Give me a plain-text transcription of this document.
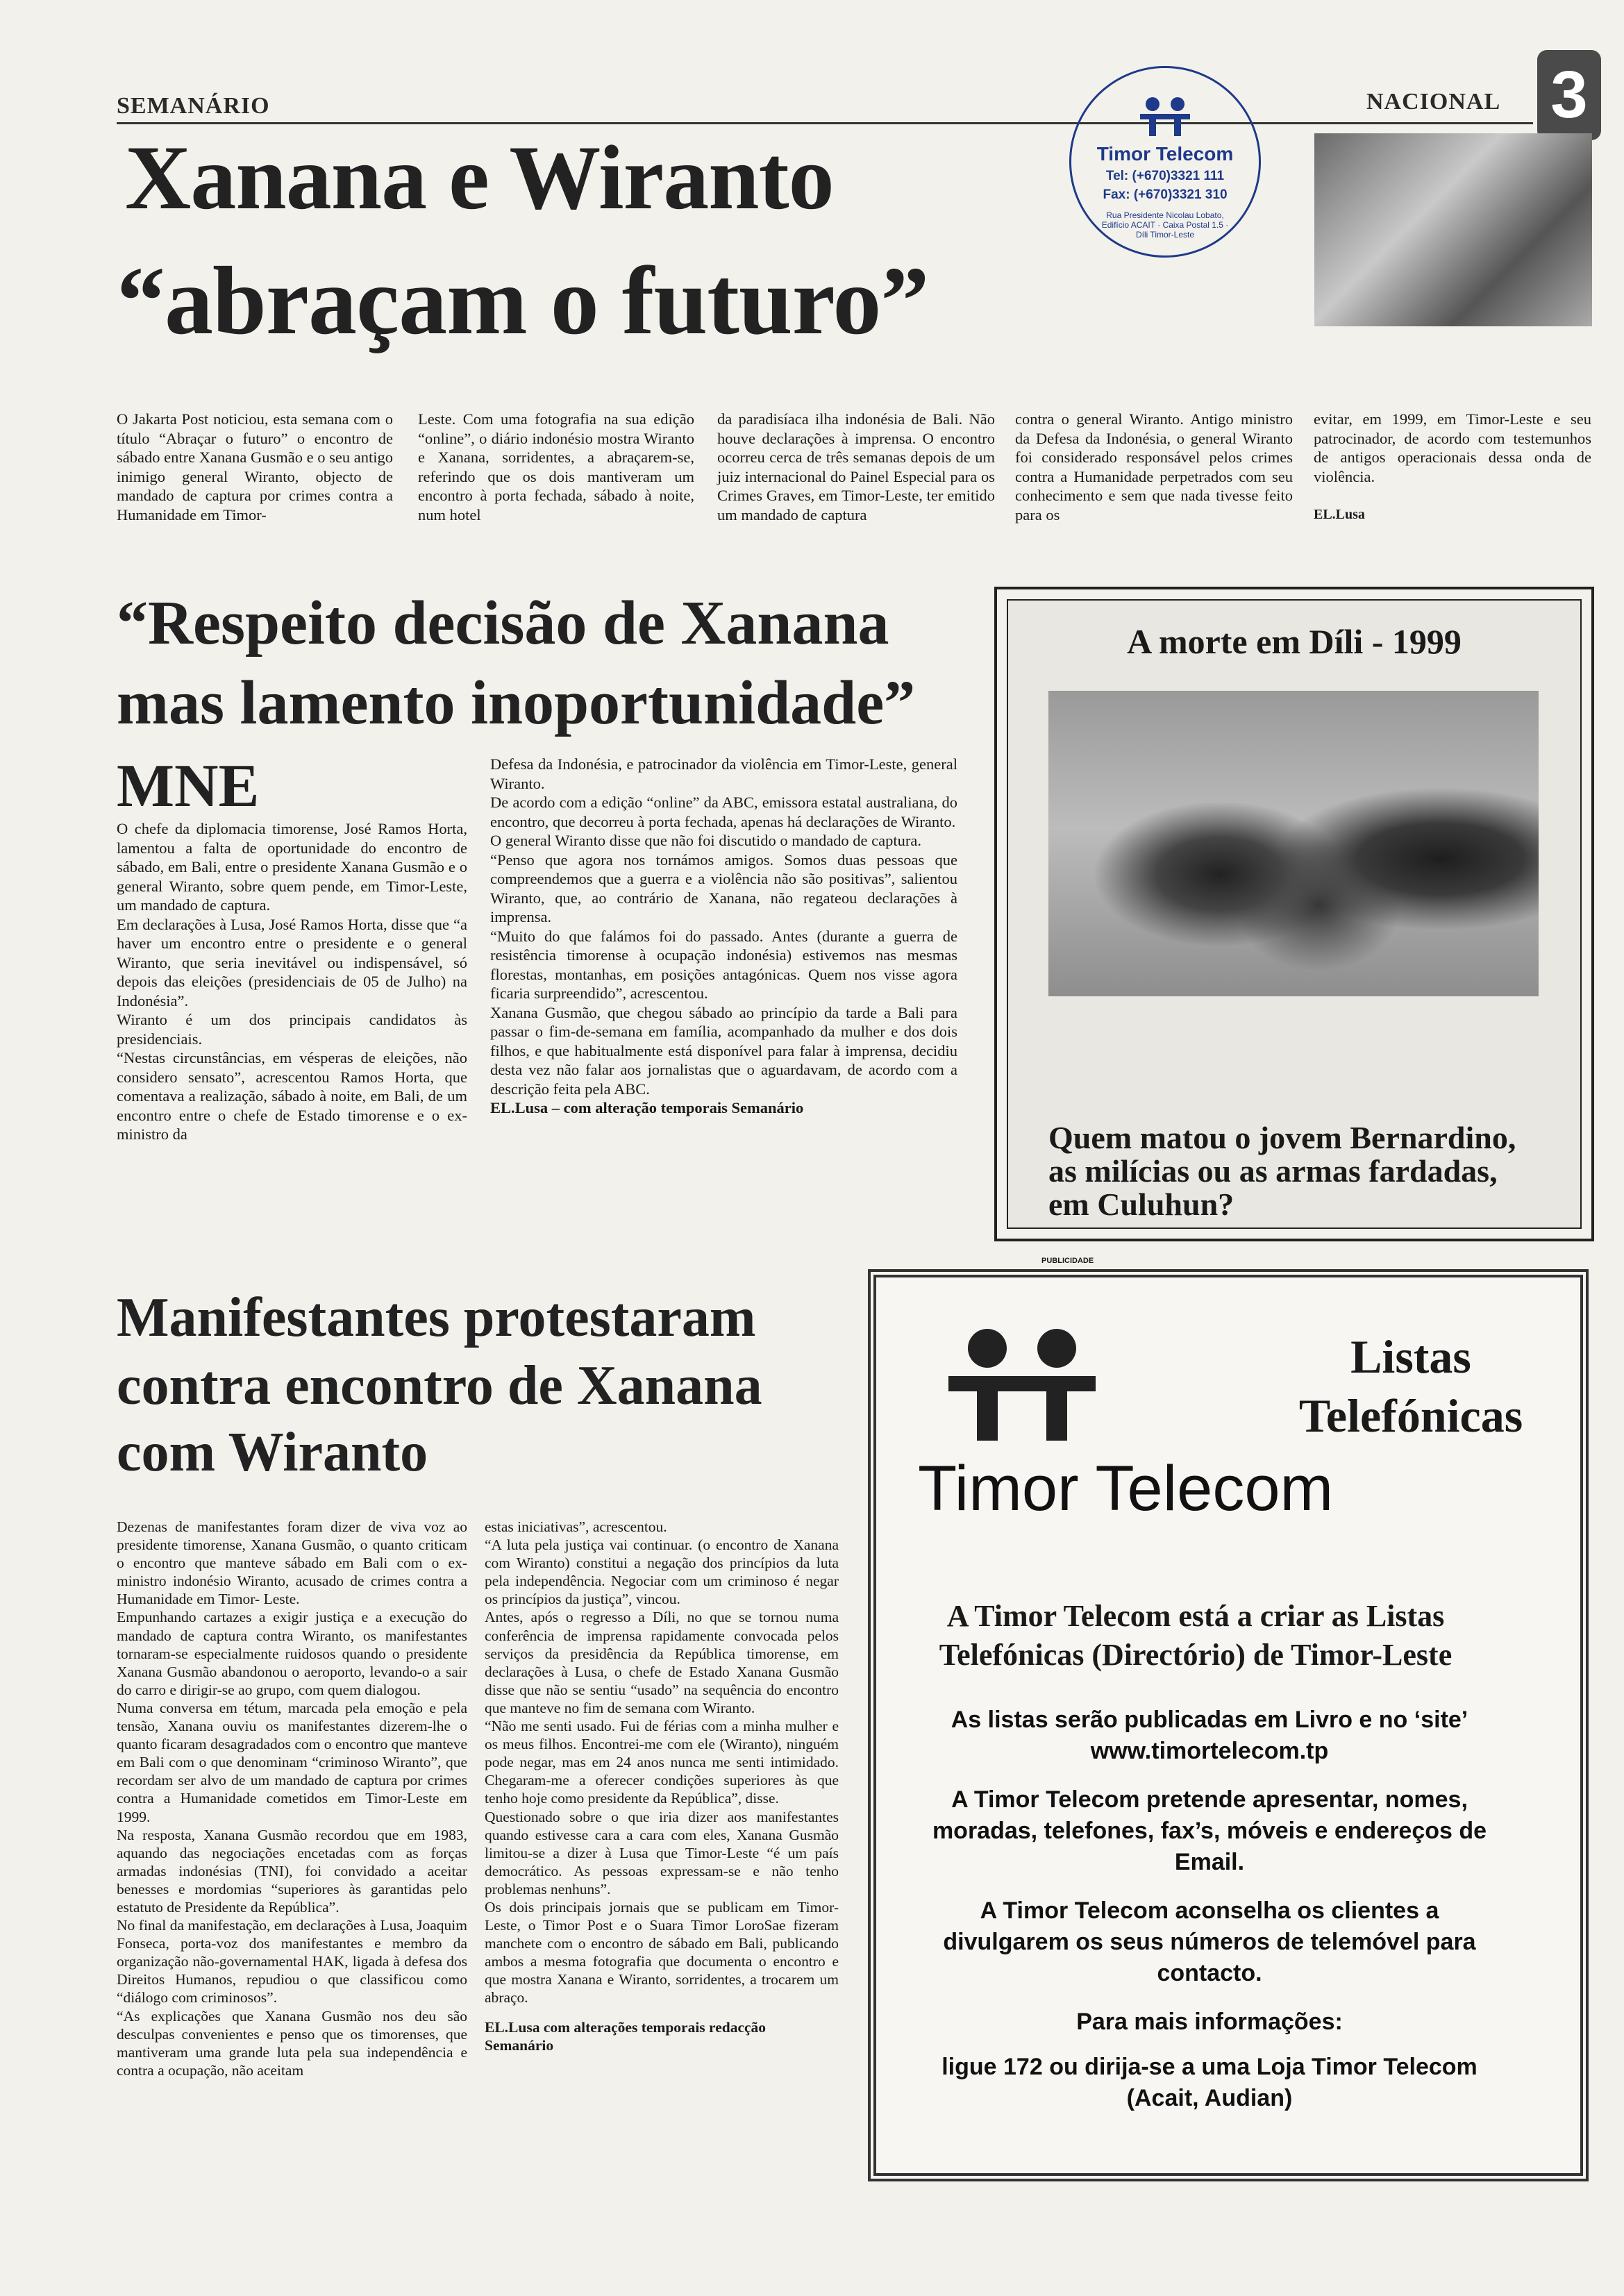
SEMANÁRIO	NACIONAL 3
Timor Telecom
Tel: (+670)3321 111
Fax: (+670)3321 310
Rua Presidente Nicolau Lobato, Edifício ACAIT · Caixa Postal 1.5 · Díli Timor-Leste
Xanana e Wiranto
“abraçam o futuro”
O Jakarta Post noticiou, esta semana com o título “Abraçar o futuro” o encontro de sábado entre Xanana Gusmão e o seu antigo inimigo general Wiranto, objecto de mandado de captura por crimes contra a Humanidade em Timor-
Leste. Com uma fotografia na sua edição “online”, o diário indonésio mostra Wiranto e Xanana, sorridentes, a abraçarem-se, referindo que os dois mantiveram um encontro à porta fechada, sábado à noite, num hotel
da paradisíaca ilha indonésia de Bali. Não houve declarações à imprensa. O encontro ocorreu cerca de três semanas depois de um juiz internacional do Painel Especial para os Crimes Graves, em Timor-Leste, ter emitido um mandado de captura
contra o general Wiranto. Antigo ministro da Defesa da Indonésia, o general Wiranto foi considerado responsável pelos crimes contra a Humanidade perpetrados com seu conhecimento e sem que nada tivesse feito para os

evitar, em 1999, em Timor-Leste e seu patrocinador, de acordo com testemunhos de antigos operacionais dessa onda de violência.

EL.Lusa

“Respeito decisão de Xanana
mas lamento inoportunidade”
MNE

O chefe da diplomacia timorense, José Ramos Horta, lamentou a falta de oportunidade do encontro de sábado, em Bali, entre o presidente Xanana Gusmão e o general Wiranto, sobre quem pende, em Timor-Leste, um mandado de captura.

Em declarações à Lusa, José Ramos Horta, disse que “a haver um encontro entre o presidente e o general Wiranto, que seria inevitável ou indispensável, só depois das eleições (presidenciais de 05 de Julho) na Indonésia”.

Wiranto é um dos principais candidatos às presidenciais.

“Nestas circunstâncias, em vésperas de eleições, não considero sensato”, acrescentou Ramos Horta, que comentava a realização, sábado à noite, em Bali, de um encontro entre o chefe de Estado timorense e o ex-ministro da

Defesa da Indonésia, e patrocinador da violência em Timor-Leste, general Wiranto.

De acordo com a edição “online” da ABC, emissora estatal australiana, do encontro, que decorreu à porta fechada, apenas há declarações de Wiranto.

O general Wiranto disse que não foi discutido o mandado de captura.

“Penso que agora nos tornámos amigos. Somos duas pessoas que compreendemos que a guerra e a violência não são positivas”, salientou Wiranto, que, ao contrário de Xanana, não regateou declarações à imprensa.

“Muito do que falámos foi do passado. Antes (durante a guerra de resistência timorense à ocupação indonésia) estivemos nas mesmas florestas, montanhas, em posições antagónicas. Quem nos visse agora ficaria surpreendido”, acrescentou.

Xanana Gusmão, que chegou sábado ao princípio da tarde a Bali para passar o fim-de-semana em família, acompanhado da mulher e dos dois filhos, e que habitualmente está disponível para falar à imprensa, decidiu desta vez não falar aos jornalistas que o aguardavam, de acordo com a descrição feita pela ABC.

EL.Lusa – com alteração temporais Semanário

A morte em Díli - 1999
Quem matou o jovem Bernardino, as milícias ou as armas fardadas, em Culuhun?
Manifestantes protestaram
contra encontro de Xanana
com Wiranto

Dezenas de manifestantes foram dizer de viva voz ao presidente timorense, Xanana Gusmão, o quanto criticam o encontro que manteve sábado em Bali com o ex-ministro indonésio Wiranto, acusado de crimes contra a Humanidade em Timor- Leste.

Empunhando cartazes a exigir justiça e a execução do mandado de captura contra Wiranto, os manifestantes tornaram-se especialmente ruidosos quando o presidente Xanana Gusmão abandonou o aeroporto, levando-o a sair do carro e dirigir-se ao grupo, com quem dialogou.

Numa conversa em tétum, marcada pela emoção e pela tensão, Xanana ouviu os manifestantes dizerem-lhe o quanto ficaram desagradados com o encontro que manteve em Bali com o que denominam “criminoso Wiranto”, que recordam ser alvo de um mandado de captura por crimes contra a Humanidade cometidos em Timor-Leste em 1999.

Na resposta, Xanana Gusmão recordou que em 1983, aquando das negociações encetadas com as forças armadas indonésias (TNI), foi convidado a aceitar benesses e mordomias “superiores às garantidas pelo estatuto de Presidente da República”.

No final da manifestação, em declarações à Lusa, Joaquim Fonseca, porta-voz dos manifestantes e membro da organização não-governamental HAK, ligada à defesa dos Direitos Humanos, repudiou o que classificou como “diálogo com criminosos”.

“As explicações que Xanana Gusmão nos deu são desculpas convenientes e penso que os timorenses, que mantiveram uma grande luta pela sua independência e contra a ocupação, não aceitam

estas iniciativas”, acrescentou.

“A luta pela justiça vai continuar. (o encontro de Xanana com Wiranto) constitui a negação dos princípios da luta pela independência. Negociar com um criminoso é negar os princípios da justiça”, vincou.

Antes, após o regresso a Díli, no que se tornou numa conferência de imprensa rapidamente convocada pelos serviços da presidência da República timorense, em declarações à Lusa, o chefe de Estado Xanana Gusmão disse que não se sentiu “usado” na sequência do encontro que manteve no fim de semana com Wiranto.

“Não me senti usado. Fui de férias com a minha mulher e os meus filhos. Encontrei-me com ele (Wiranto), ninguém pode negar, mas em 24 anos nunca me senti intimidado. Chegaram-me a oferecer condições superiores às que tenho hoje como presidente da República”, disse.

Questionado sobre o que iria dizer aos manifestantes quando estivesse cara a cara com eles, Xanana Gusmão limitou-se a dizer à Lusa que Timor-Leste “é um país democrático. As pessoas expressam-se e não tenho problemas nenhuns”.

Os dois principais jornais que se publicam em Timor-Leste, o Timor Post e o Suara Timor LoroSae fizeram manchete com o encontro de sábado em Bali, publicando ambos a mesma fotografia que documenta o encontro e que mostra Xanana e Wiranto, sorridentes, a trocarem um abraço.

EL.Lusa com alterações temporais redacção

Semanário

PUBLICIDADE
Listas
Telefónicas
Timor Telecom
A Timor Telecom está a criar as Listas Telefónicas (Directório) de Timor-Leste
As listas serão publicadas em Livro e no ‘site’ www.timortelecom.tp
A Timor Telecom pretende apresentar, nomes, moradas, telefones, fax’s, móveis e endereços de Email.
A Timor Telecom aconselha os clientes a divulgarem os seus números de telemóvel para contacto.
Para mais informações:
ligue 172 ou dirija-se a uma Loja Timor Telecom (Acait, Audian)
